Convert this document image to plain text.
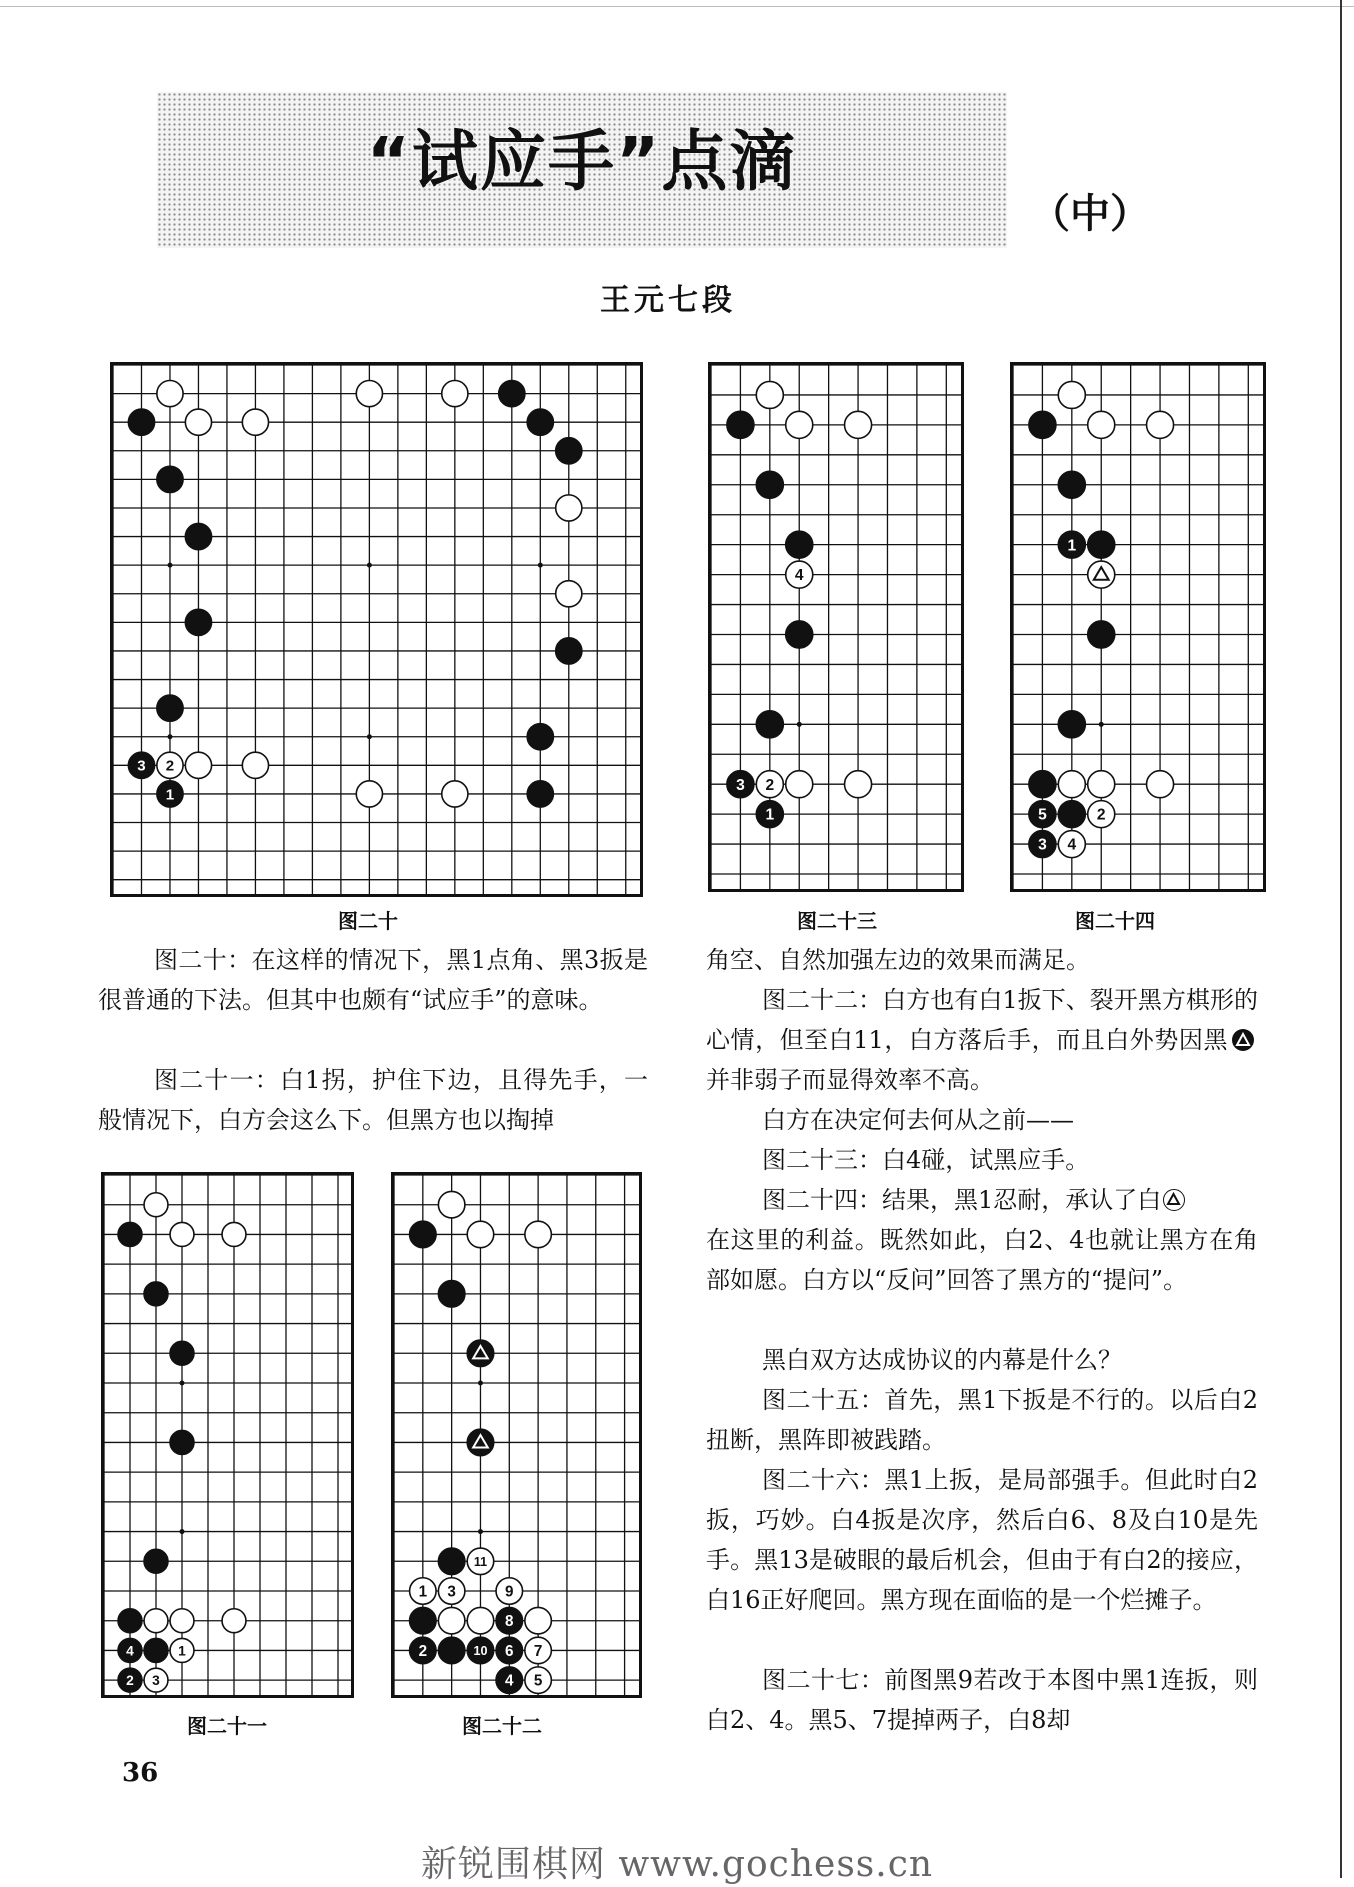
“试应手”点滴
（中）
王元七段
3 2
1
图二十
4
3 2
1
图二十三
1
5	2
3 4
图二十四
4	1
2 3
图二十一
11
1 3	9
8
2	10 6 7
4 5
图二十二
图二十：在这样的情况下，黑1点角、黑3扳是很普通的下法。但其中也颇有“试应手”的意味。
图二十一：白1拐，护住下边，且得先手，一般情况下，白方会这么下。但黑方也以掏掉
角空、自然加强左边的效果而满足。
图二十二：白方也有白1扳下、裂开黑方棋形的心情，但至白11，白方落后手，而且白外势因黑
并非弱子而显得效率不高。
白方在决定何去何从之前——
图二十三：白4碰，试黑应手。
图二十四：结果，黑1忍耐，承认了白
在这里的利益。既然如此，白2、4也就让黑方在角部如愿。白方以“反问”回答了黑方的“提问”。
黑白双方达成协议的内幕是什么？
图二十五：首先，黑1下扳是不行的。以后白2扭断，黑阵即被践踏。
图二十六：黑1上扳，是局部强手。但此时白2扳，巧妙。白4扳是次序，然后白6、8及白10是先手。黑13是破眼的最后机会，但由于有白2的接应，白16正好爬回。黑方现在面临的是一个烂摊子。
图二十七：前图黑9若改于本图中黑1连扳，则白2、4。黑5、7提掉两子，白8却
36
新锐围棋网 www.gochess.cn
